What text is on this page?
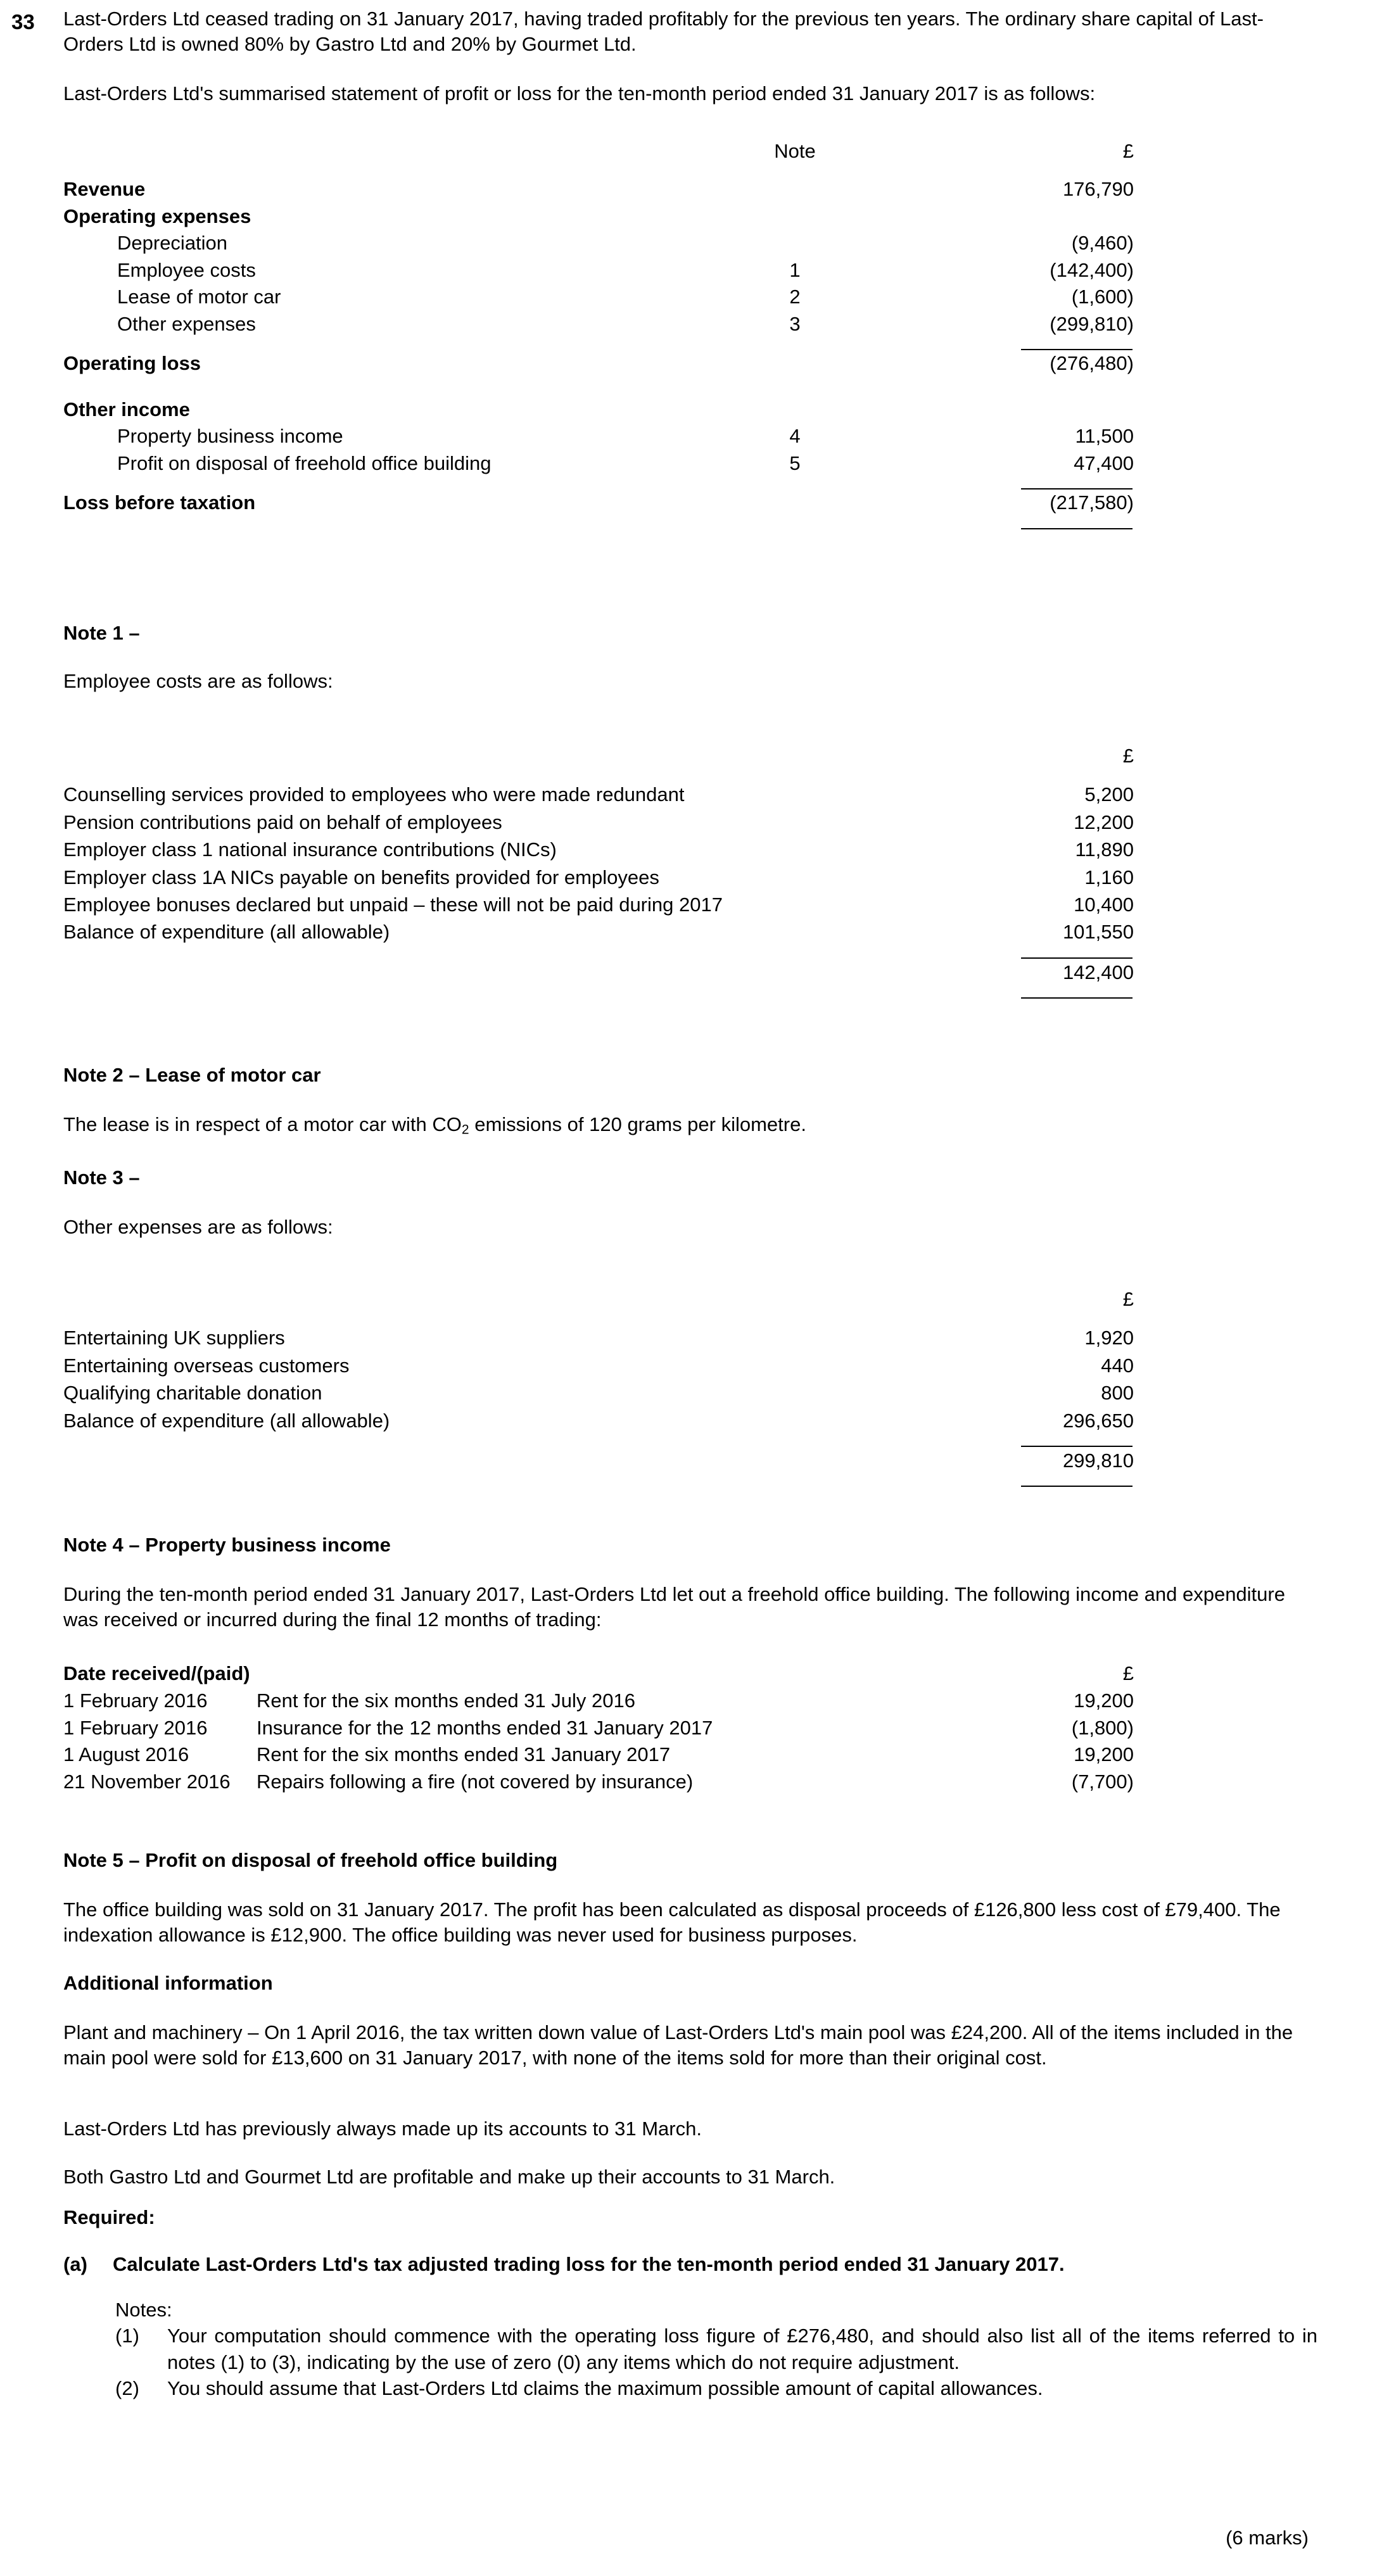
33 Last-Orders Ltd ceased trading on 31 January 2017, having traded profitably for the previous ten years. The ordinary share capital of Last-Orders Ltd is owned 80% by Gastro Ltd and 20% by Gourmet Ltd.

Last-Orders Ltd's summarised statement of profit or loss for the ten-month period ended 31 January 2017 is as follows:

	Note	£

Revenue		176,790
Operating expenses		
Depreciation		(9,460)
Employee costs	1	(142,400)
Lease of motor car	2	(1,600)
Other expenses	3	(299,810)

Operating loss		(276,480)

Other income		
Property business income	4	11,500
Profit on disposal of freehold office building	5	47,400

Loss before taxation		(217,580)

Note 1 –

Employee costs are as follows:

	£

Counselling services provided to employees who were made redundant	5,200
Pension contributions paid on behalf of employees	12,200
Employer class 1 national insurance contributions (NICs)	11,890
Employer class 1A NICs payable on benefits provided for employees	1,160
Employee bonuses declared but unpaid – these will not be paid during 2017	10,400
Balance of expenditure (all allowable)	101,550

	142,400

Note 2 – Lease of motor car

The lease is in respect of a motor car with $CO_2$ emissions of 120 grams per kilometre.

Note 3 –

Other expenses are as follows:

	£

Entertaining UK suppliers	1,920
Entertaining overseas customers	440
Qualifying charitable donation	800
Balance of expenditure (all allowable)	296,650

	299,810

Note 4 – Property business income

During the ten-month period ended 31 January 2017, Last-Orders Ltd let out a freehold office building. The following income and expenditure was received or incurred during the final 12 months of trading:

Date received/(paid)		£
1 February 2016	Rent for the six months ended 31 July 2016	19,200
1 February 2016	Insurance for the 12 months ended 31 January 2017	(1,800)
1 August 2016	Rent for the six months ended 31 January 2017	19,200
21 November 2016	Repairs following a fire (not covered by insurance)	(7,700)

Note 5 – Profit on disposal of freehold office building

The office building was sold on 31 January 2017. The profit has been calculated as disposal proceeds of £126,800 less cost of £79,400. The indexation allowance is £12,900. The office building was never used for business purposes.

Additional information

Plant and machinery – On 1 April 2016, the tax written down value of Last-Orders Ltd's main pool was £24,200. All of the items included in the main pool were sold for £13,600 on 31 January 2017, with none of the items sold for more than their original cost.

Last-Orders Ltd has previously always made up its accounts to 31 March.

Both Gastro Ltd and Gourmet Ltd are profitable and make up their accounts to 31 March.

Required:

(a) Calculate Last-Orders Ltd's tax adjusted trading loss for the ten-month period ended 31 January 2017.

Notes:

(1) Your computation should commence with the operating loss figure of £276,480, and should also list all of the items referred to in notes (1) to (3), indicating by the use of zero (0) any items which do not require adjustment.
(2) You should assume that Last-Orders Ltd claims the maximum possible amount of capital allowances.

(6 marks)
